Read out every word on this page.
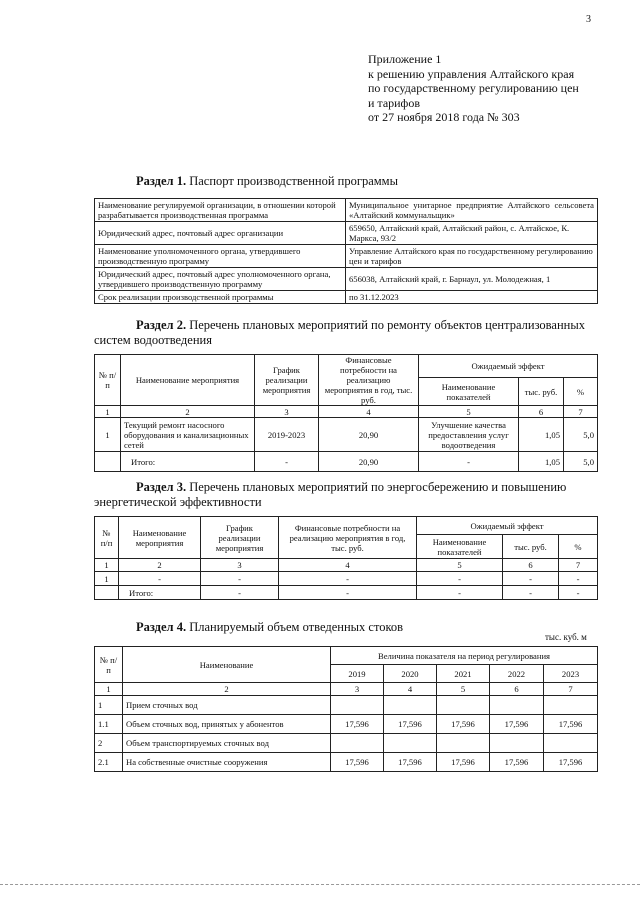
3
Приложение 1
к решению управления Алтайского края
по государственному регулированию цен
и тарифов
от 27 ноября 2018 года № 303
Раздел 1. Паспорт производственной программы
Наименование регулируемой организации, в отношении которой разрабатывается производственная программа	Муниципальное унитарное предприятие Алтайского сельсовета «Алтайский коммунальщик»
Юридический адрес, почтовый адрес организации	659650, Алтайский край, Алтайский район, с. Алтайское, К. Маркса, 93/2
Наименование уполномоченного органа, утвердившего производственную программу	Управление Алтайского края по государственному регулированию цен и тарифов
Юридический адрес, почтовый адрес уполномоченного органа, утвердившего производственную программу	656038, Алтайский край, г. Барнаул, ул. Молодежная, 1
Срок реализации производственной программы	по 31.12.2023
Раздел 2. Перечень плановых мероприятий по ремонту объектов централизованных
систем водоотведения
№ п/п	Наименование мероприятия	График реализации мероприятия	Финансовые потребности на реализацию мероприятия в год, тыс. руб.	Ожидаемый эффект		
				Наименование показателей	тыс. руб.	%
1	2	3	4	5	6	7
1	Текущий ремонт насосного оборудования и канализационных сетей	2019-2023	20,90	Улучшение качества предоставления услуг водоотведения	1,05	5,0
	Итого:	-	20,90	-	1,05	5,0
Раздел 3. Перечень плановых мероприятий по энергосбережению и повышению
энергетической эффективности
№ п/п	Наименование мероприятия	График реализации мероприятия	Финансовые потребности на реализацию мероприятия в год, тыс. руб.	Ожидаемый эффект		
				Наименование показателей	тыс. руб.	%
1	2	3	4	5	6	7
1	-	-	-	-	-	-
	Итого:	-	-	-	-	-
Раздел 4. Планируемый объем отведенных стоков
тыс. куб. м
№ п/п	Наименование	Величина показателя на период регулирования				
		2019	2020	2021	2022	2023
1	2	3	4	5	6	7
1	Прием сточных вод					
1.1	Объем сточных вод, принятых у абонентов	17,596	17,596	17,596	17,596	17,596
2	Объем транспортируемых сточных вод					
2.1	На собственные очистные сооружения	17,596	17,596	17,596	17,596	17,596
